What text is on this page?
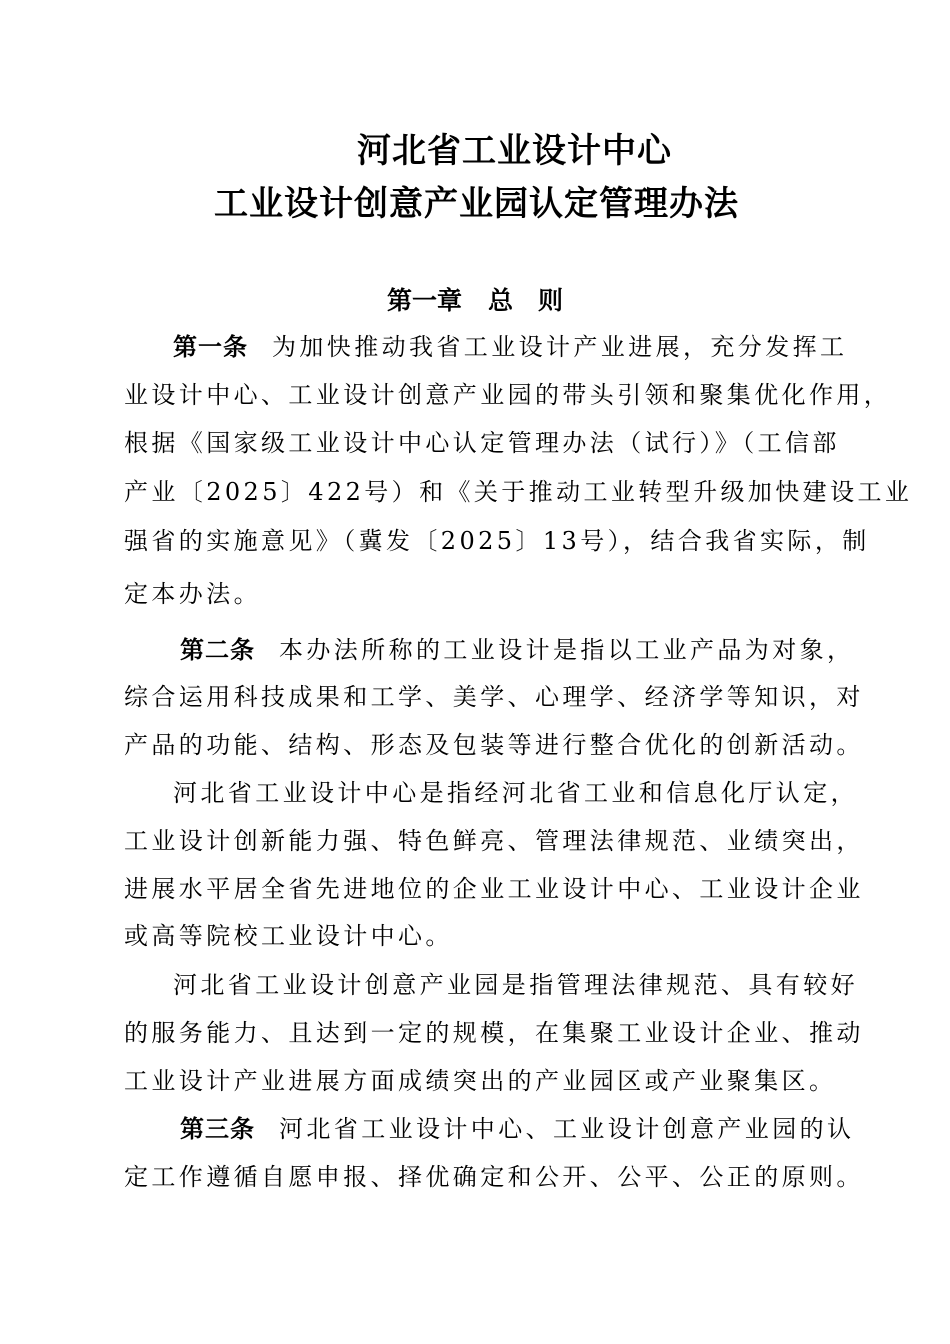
河北省工业设计中心
工业设计创意产业园认定管理办法
第一章 总　则
第一条 为加快推动我省工业设计产业进展，充分发挥工
业设计中心、工业设计创意产业园的带头引领和聚集优化作用，
根据《国家级工业设计中心认定管理办法（试行）》（工信部
产业〔2025〕422号）和《关于推动工业转型升级加快建设工业
强省的实施意见》（冀发〔2025〕13号），结合我省实际，制
定本办法。
第二条 本办法所称的工业设计是指以工业产品为对象，
综合运用科技成果和工学、美学、心理学、经济学等知识，对
产品的功能、结构、形态及包装等进行整合优化的创新活动。
河北省工业设计中心是指经河北省工业和信息化厅认定，
工业设计创新能力强、特色鲜亮、管理法律规范、业绩突出，
进展水平居全省先进地位的企业工业设计中心、工业设计企业
或高等院校工业设计中心。
河北省工业设计创意产业园是指管理法律规范、具有较好
的服务能力、且达到一定的规模，在集聚工业设计企业、推动
工业设计产业进展方面成绩突出的产业园区或产业聚集区。
第三条 河北省工业设计中心、工业设计创意产业园的认
定工作遵循自愿申报、择优确定和公开、公平、公正的原则。
